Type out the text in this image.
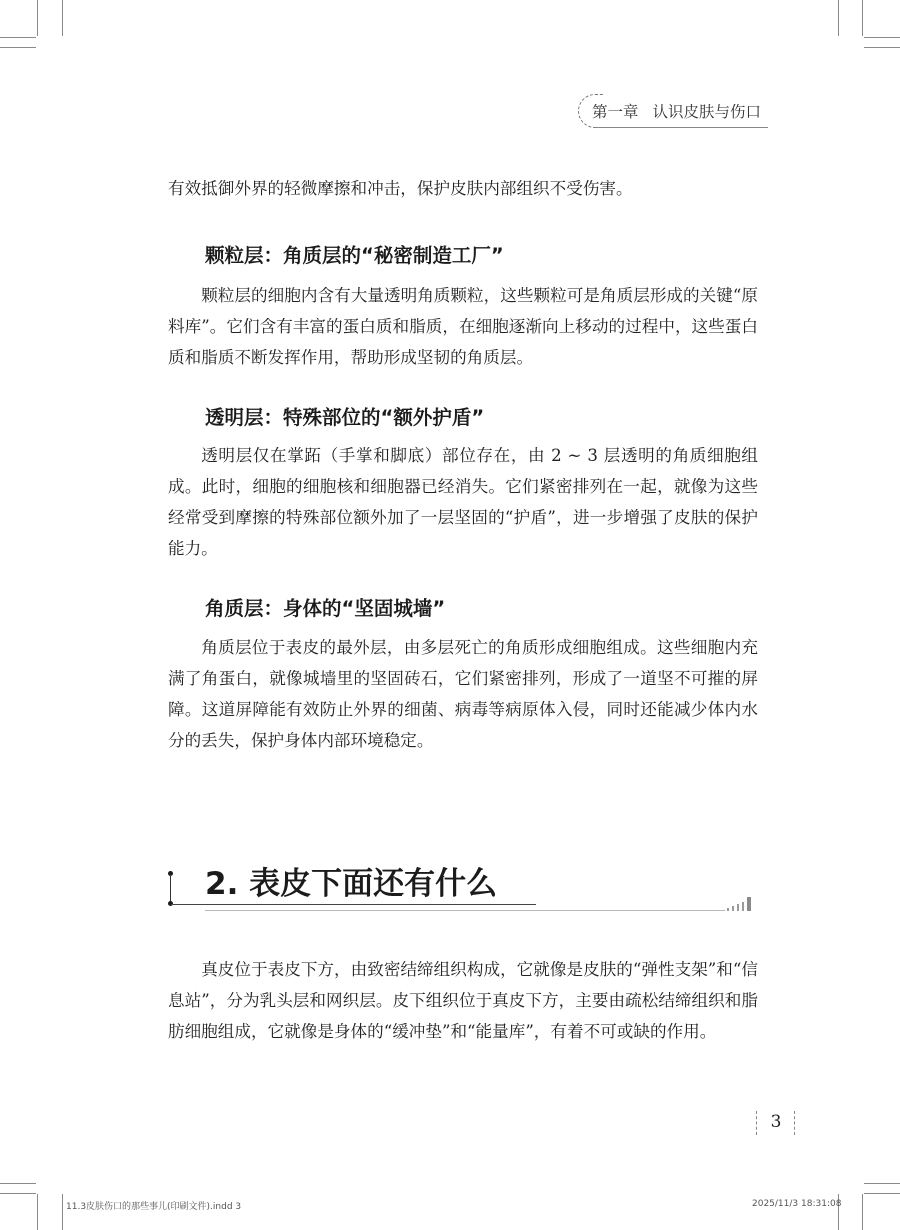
第一章 认识皮肤与伤口

有效抵御外界的轻微摩擦和冲击，保护皮肤内部组织不受伤害。

颗粒层：角质层的“秘密制造工厂”

颗粒层的细胞内含有大量透明角质颗粒，这些颗粒可是角质层形成的关键“原料库”。它们含有丰富的蛋白质和脂质，在细胞逐渐向上移动的过程中，这些蛋白质和脂质不断发挥作用，帮助形成坚韧的角质层。

透明层：特殊部位的“额外护盾”

透明层仅在掌跖（手掌和脚底）部位存在，由 2 ~ 3 层透明的角质细胞组成。此时，细胞的细胞核和细胞器已经消失。它们紧密排列在一起，就像为这些经常受到摩擦的特殊部位额外加了一层坚固的“护盾”，进一步增强了皮肤的保护能力。

角质层：身体的“坚固城墙”

角质层位于表皮的最外层，由多层死亡的角质形成细胞组成。这些细胞内充满了角蛋白，就像城墙里的坚固砖石，它们紧密排列，形成了一道坚不可摧的屏障。这道屏障能有效防止外界的细菌、病毒等病原体入侵，同时还能减少体内水分的丢失，保护身体内部环境稳定。

2. 表皮下面还有什么

真皮位于表皮下方，由致密结缔组织构成，它就像是皮肤的“弹性支架”和“信息站”，分为乳头层和网织层。皮下组织位于真皮下方，主要由疏松结缔组织和脂肪细胞组成，它就像是身体的“缓冲垫”和“能量库”，有着不可或缺的作用。

3
11.3皮肤伤口的那些事儿(印刷文件).indd 3	2025/11/3 18:31:08
